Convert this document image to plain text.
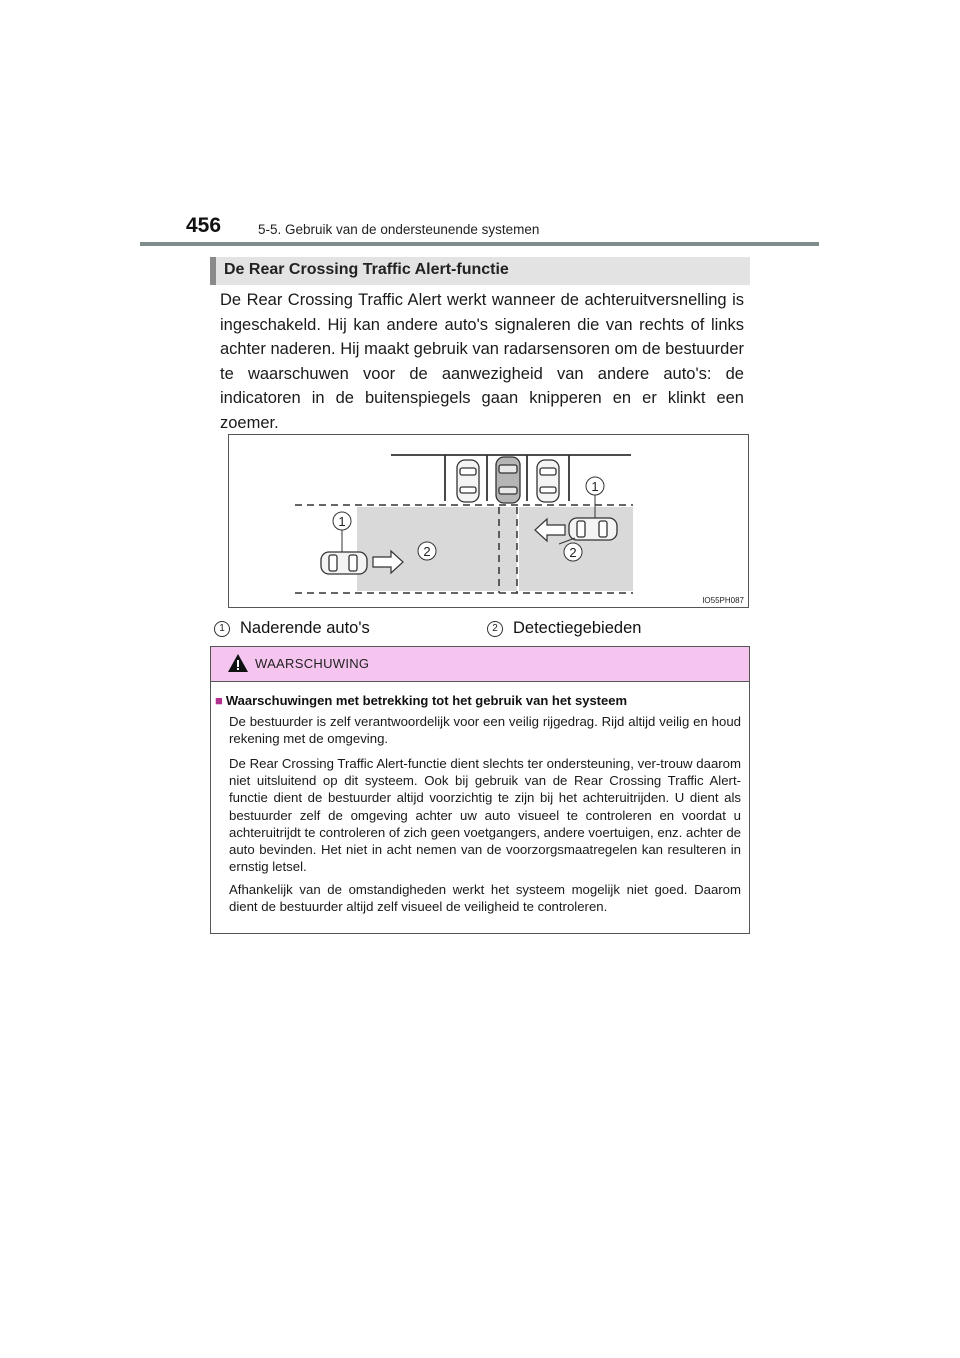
456	5-5. Gebruik van de ondersteunende systemen
De Rear Crossing Traffic Alert-functie
De Rear Crossing Traffic Alert werkt wanneer de achteruitversnelling is ingeschakeld. Hij kan andere auto's signaleren die van rechts of links achter naderen. Hij maakt gebruik van radarsensoren om de bestuurder te waarschuwen voor de aanwezigheid van andere auto's: de indicatoren in de buitenspiegels gaan knipperen en er klinkt een zoemer.
1
1
2	2
IO55PH087
1 Naderende auto's	2 Detectiegebieden
WAARSCHUWING
■ Waarschuwingen met betrekking tot het gebruik van het systeem
De bestuurder is zelf verantwoordelijk voor een veilig rijgedrag. Rijd altijd veilig en houd rekening met de omgeving.
De Rear Crossing Traffic Alert-functie dient slechts ter ondersteuning, ver-trouw daarom niet uitsluitend op dit systeem. Ook bij gebruik van de Rear Crossing Traffic Alert-functie dient de bestuurder altijd voorzichtig te zijn bij het achteruitrijden. U dient als bestuurder zelf de omgeving achter uw auto visueel te controleren en voordat u achteruitrijdt te controleren of zich geen voetgangers, andere voertuigen, enz. achter de auto bevinden. Het niet in acht nemen van de voorzorgsmaatregelen kan resulteren in ernstig letsel.
Afhankelijk van de omstandigheden werkt het systeem mogelijk niet goed. Daarom dient de bestuurder altijd zelf visueel de veiligheid te controleren.
